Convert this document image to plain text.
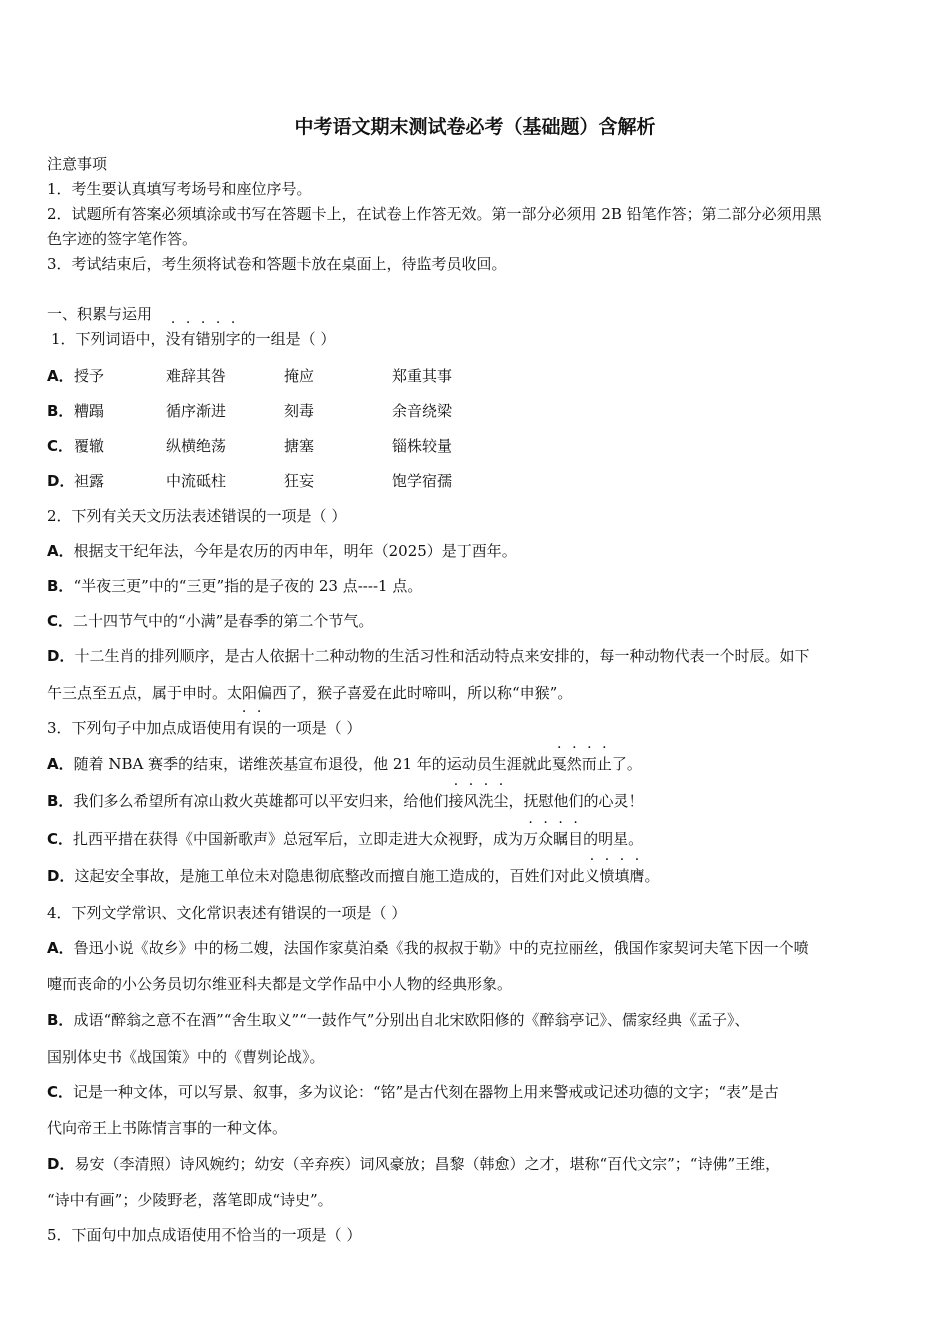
中考语文期末测试卷必考（基础题）含解析
注意事项
1．考生要认真填写考场号和座位序号。
2．试题所有答案必须填涂或书写在答题卡上，在试卷上作答无效。第一部分必须用 2B 铅笔作答；第二部分必须用黑
色字迹的签字笔作答。
3．考试结束后，考生须将试卷和答题卡放在桌面上，待监考员收回。
一、积累与运用
1．下列词语中，没有错别字的一组是（ ）
A． 授予	难辞其咎	掩应	郑重其事
B． 糟蹋	循序渐进	刻毒	余音绕梁
C． 覆辙	纵横绝荡	搪塞	锱株较量
D． 袒露	中流砥柱	狂妄	饱学宿孺
2．下列有关天文历法表述错误的一项是（ ）
A．根据支干纪年法，今年是农历的丙申年，明年（2025）是丁酉年。
B．“半夜三更”中的“三更”指的是子夜的 23 点----1 点。
C．二十四节气中的“小满”是春季的第二个节气。
D．十二生肖的排列顺序，是古人依据十二种动物的生活习性和活动特点来安排的，每一种动物代表一个时辰。如下
午三点至五点，属于申时。太阳偏西了，猴子喜爱在此时啼叫，所以称“申猴”。
3．下列句子中加点成语使用有误的一项是（ ）
A．随着 NBA 赛季的结束，诺维茨基宣布退役，他 21 年的运动员生涯就此戛然而止了。
B．我们多么希望所有凉山救火英雄都可以平安归来，给他们接风洗尘，抚慰他们的心灵！
C．扎西平措在获得《中国新歌声》总冠军后，立即走进大众视野，成为万众瞩目的明星。
D．这起安全事故，是施工单位未对隐患彻底整改而擅自施工造成的，百姓们对此义愤填膺。
4．下列文学常识、文化常识表述有错误的一项是（ ）
A．鲁迅小说《故乡》中的杨二嫂，法国作家莫泊桑《我的叔叔于勒》中的克拉丽丝，俄国作家契诃夫笔下因一个喷
嚏而丧命的小公务员切尔维亚科夫都是文学作品中小人物的经典形象。
B．成语“醉翁之意不在酒”“舍生取义”“一鼓作气”分别出自北宋欧阳修的《醉翁亭记》、儒家经典《孟子》、
国别体史书《战国策》中的《曹刿论战》。
C．记是一种文体，可以写景、叙事，多为议论：“铭”是古代刻在器物上用来警戒或记述功德的文字；“表”是古
代向帝王上书陈情言事的一种文体。
D．易安（李清照）诗风婉约；幼安（辛弃疾）词风豪放；昌黎（韩愈）之才，堪称“百代文宗”；“诗佛”王维，
“诗中有画”；少陵野老，落笔即成“诗史”。
5．下面句中加点成语使用不恰当的一项是（ ）
